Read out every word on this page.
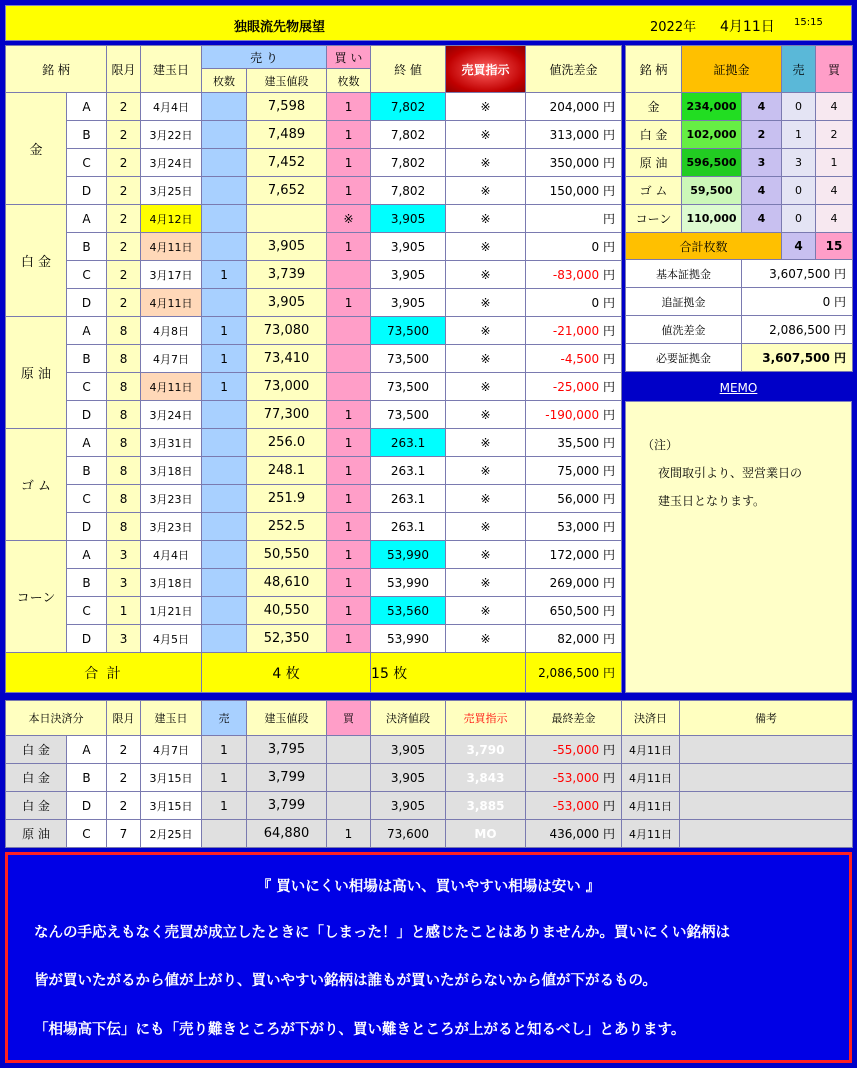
独眼流先物展望	2022年 4月11日 15:15
銘 柄		限月	建玉日	売 り		買 い	終 値	売買指示	値洗差金
				枚数	建玉値段	枚数			
金	A	2	4月4日		7,598	1	7,802	※	204,000 円
	B	2	3月22日		7,489	1	7,802	※	313,000 円
	C	2	3月24日		7,452	1	7,802	※	350,000 円
	D	2	3月25日		7,652	1	7,802	※	150,000 円
白 金	A	2	4月12日			※	3,905	※	円
	B	2	4月11日		3,905	1	3,905	※	0 円
	C	2	3月17日	1	3,739		3,905	※	-83,000 円
	D	2	4月11日		3,905	1	3,905	※	0 円
原 油	A	8	4月8日	1	73,080		73,500	※	-21,000 円
	B	8	4月7日	1	73,410		73,500	※	-4,500 円
	C	8	4月11日	1	73,000		73,500	※	-25,000 円
	D	8	3月24日		77,300	1	73,500	※	-190,000 円
ゴ ム	A	8	3月31日		256.0	1	263.1	※	35,500 円
	B	8	3月18日		248.1	1	263.1	※	75,000 円
	C	8	3月23日		251.9	1	263.1	※	56,000 円
	D	8	3月23日		252.5	1	263.1	※	53,000 円
コーン	A	3	4月4日		50,550	1	53,990	※	172,000 円
	B	3	3月18日		48,610	1	53,990	※	269,000 円
	C	1	1月21日		40,550	1	53,560	※	650,500 円
	D	3	4月5日		52,350	1	53,990	※	82,000 円
合 計				4 枚			15 枚		2,086,500 円
銘 柄	証拠金		売	買
金	234,000	4	0	4
白 金	102,000	2	1	2
原 油	596,500	3	3	1
ゴ ム	59,500	4	0	4
コーン	110,000	4	0	4
合計枚数			4	15
基本証拠金		3,607,500 円		
追証拠金		0 円		
値洗差金		2,086,500 円		
必要証拠金		3,607,500 円		
MEMO
（注）
夜間取引より、翌営業日の
建玉日となります。
本日決済分		限月	建玉日	売	建玉値段	買	決済値段	売買指示	最終差金	決済日	備考
白 金	A	2	4月7日	1	3,795		3,905	3,790	-55,000 円	4月11日	
白 金	B	2	3月15日	1	3,799		3,905	3,843	-53,000 円	4月11日	
白 金	D	2	3月15日	1	3,799		3,905	3,885	-53,000 円	4月11日	
原 油	C	7	2月25日		64,880	1	73,600	MO	436,000 円	4月11日	

『 買いにくい相場は高い、買いやすい相場は安い 』

なんの手応えもなく売買が成立したときに「しまった！」と感じたことはありませんか。買いにくい銘柄は

皆が買いたがるから値が上がり、買いやすい銘柄は誰もが買いたがらないから値が下がるもの。

「相場高下伝」にも「売り難きところが下がり、買い難きところが上がると知るべし」とあります。
